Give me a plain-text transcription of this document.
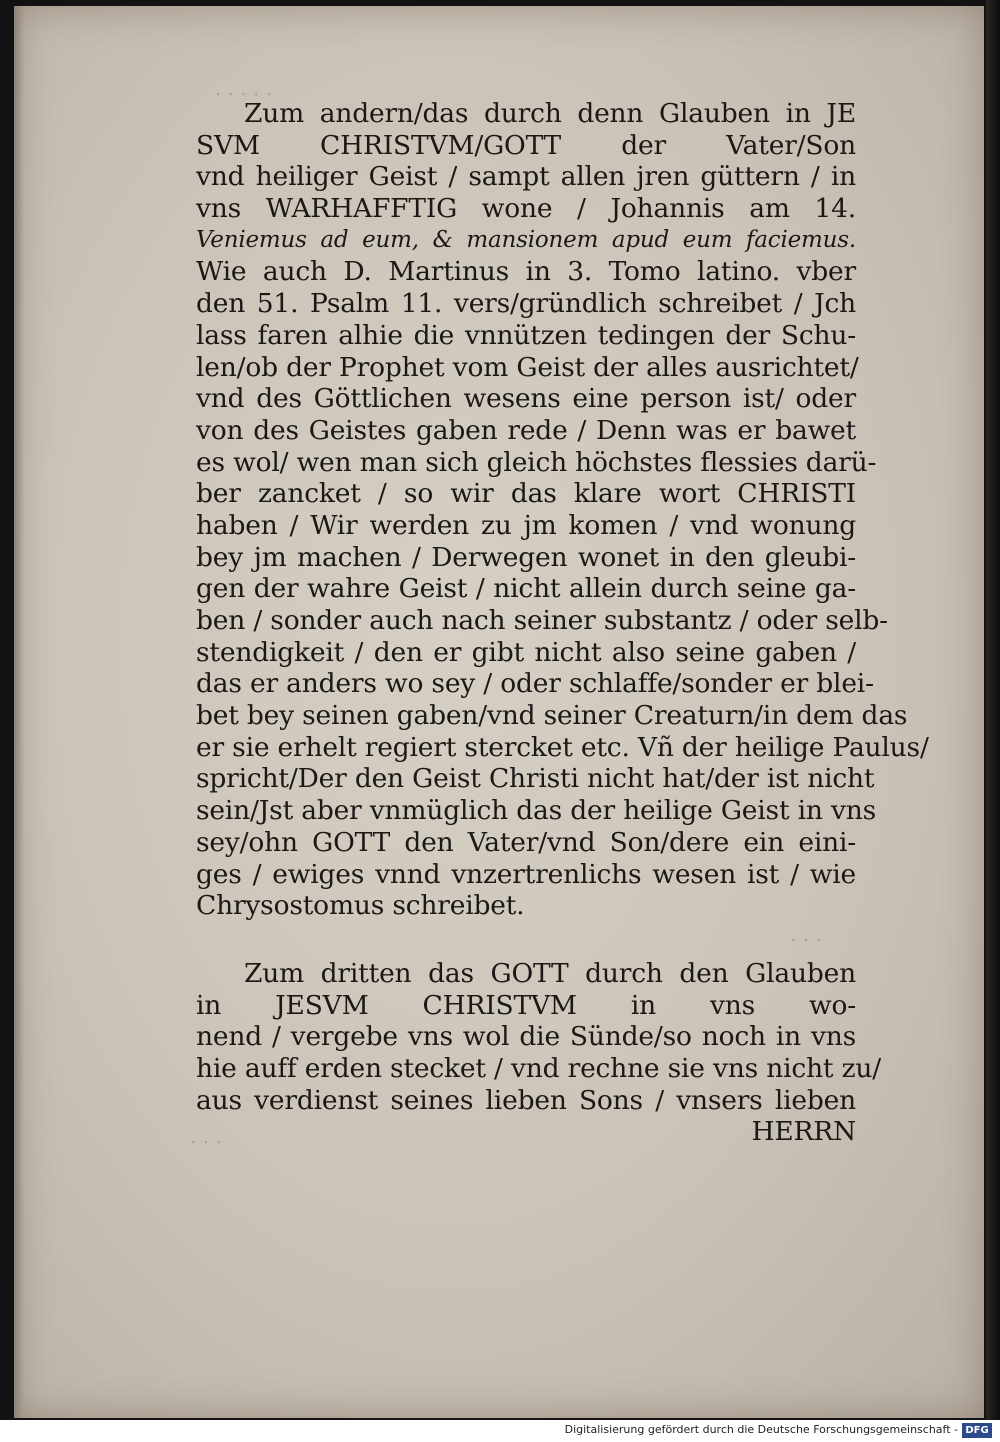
· · · · ·
· · ·
· · ·
Zum andern/das durch denn Glauben in JE
SVM CHRISTVM/GOTT der Vater/Son
vnd heiliger Geist / sampt allen jren güttern / in
vns WARHAFFTIG wone / Johannis am 14.
Veniemus ad eum, & mansionem apud eum faciemus.
Wie auch D. Martinus in 3. Tomo latino. vber
den 51. Psalm 11. vers/gründlich schreibet / Jch
lass faren alhie die vnnützen tedingen der Schu-
len/ob der Prophet vom Geist der alles ausrichtet/
vnd des Göttlichen wesens eine person ist/ oder
von des Geistes gaben rede / Denn was er bawet
es wol/ wen man sich gleich höchstes flessies darü-
ber zancket / so wir das klare wort CHRISTI
haben / Wir werden zu jm komen / vnd wonung
bey jm machen / Derwegen wonet in den gleubi-
gen der wahre Geist / nicht allein durch seine ga-
ben / sonder auch nach seiner substantz / oder selb-
stendigkeit / den er gibt nicht also seine gaben /
das er anders wo sey / oder schlaffe/sonder er blei-
bet bey seinen gaben/vnd seiner Creaturn/in dem das
er sie erhelt regiert stercket etc. Vñ der heilige Paulus/
spricht/Der den Geist Christi nicht hat/der ist nicht
sein/Jst aber vnmüglich das der heilige Geist in vns
sey/ohn GOTT den Vater/vnd Son/dere ein eini-
ges / ewiges vnnd vnzertrenlichs wesen ist / wie
Chrysostomus schreibet.
Zum dritten das GOTT durch den Glauben
in JESVM CHRISTVM in vns wo-
nend / vergebe vns wol die Sünde/so noch in vns
hie auff erden stecket / vnd rechne sie vns nicht zu/
aus verdienst seines lieben Sons / vnsers lieben
HERRN
Digitalisierung gefördert durch die Deutsche Forschungsgemeinschaft - DFG
